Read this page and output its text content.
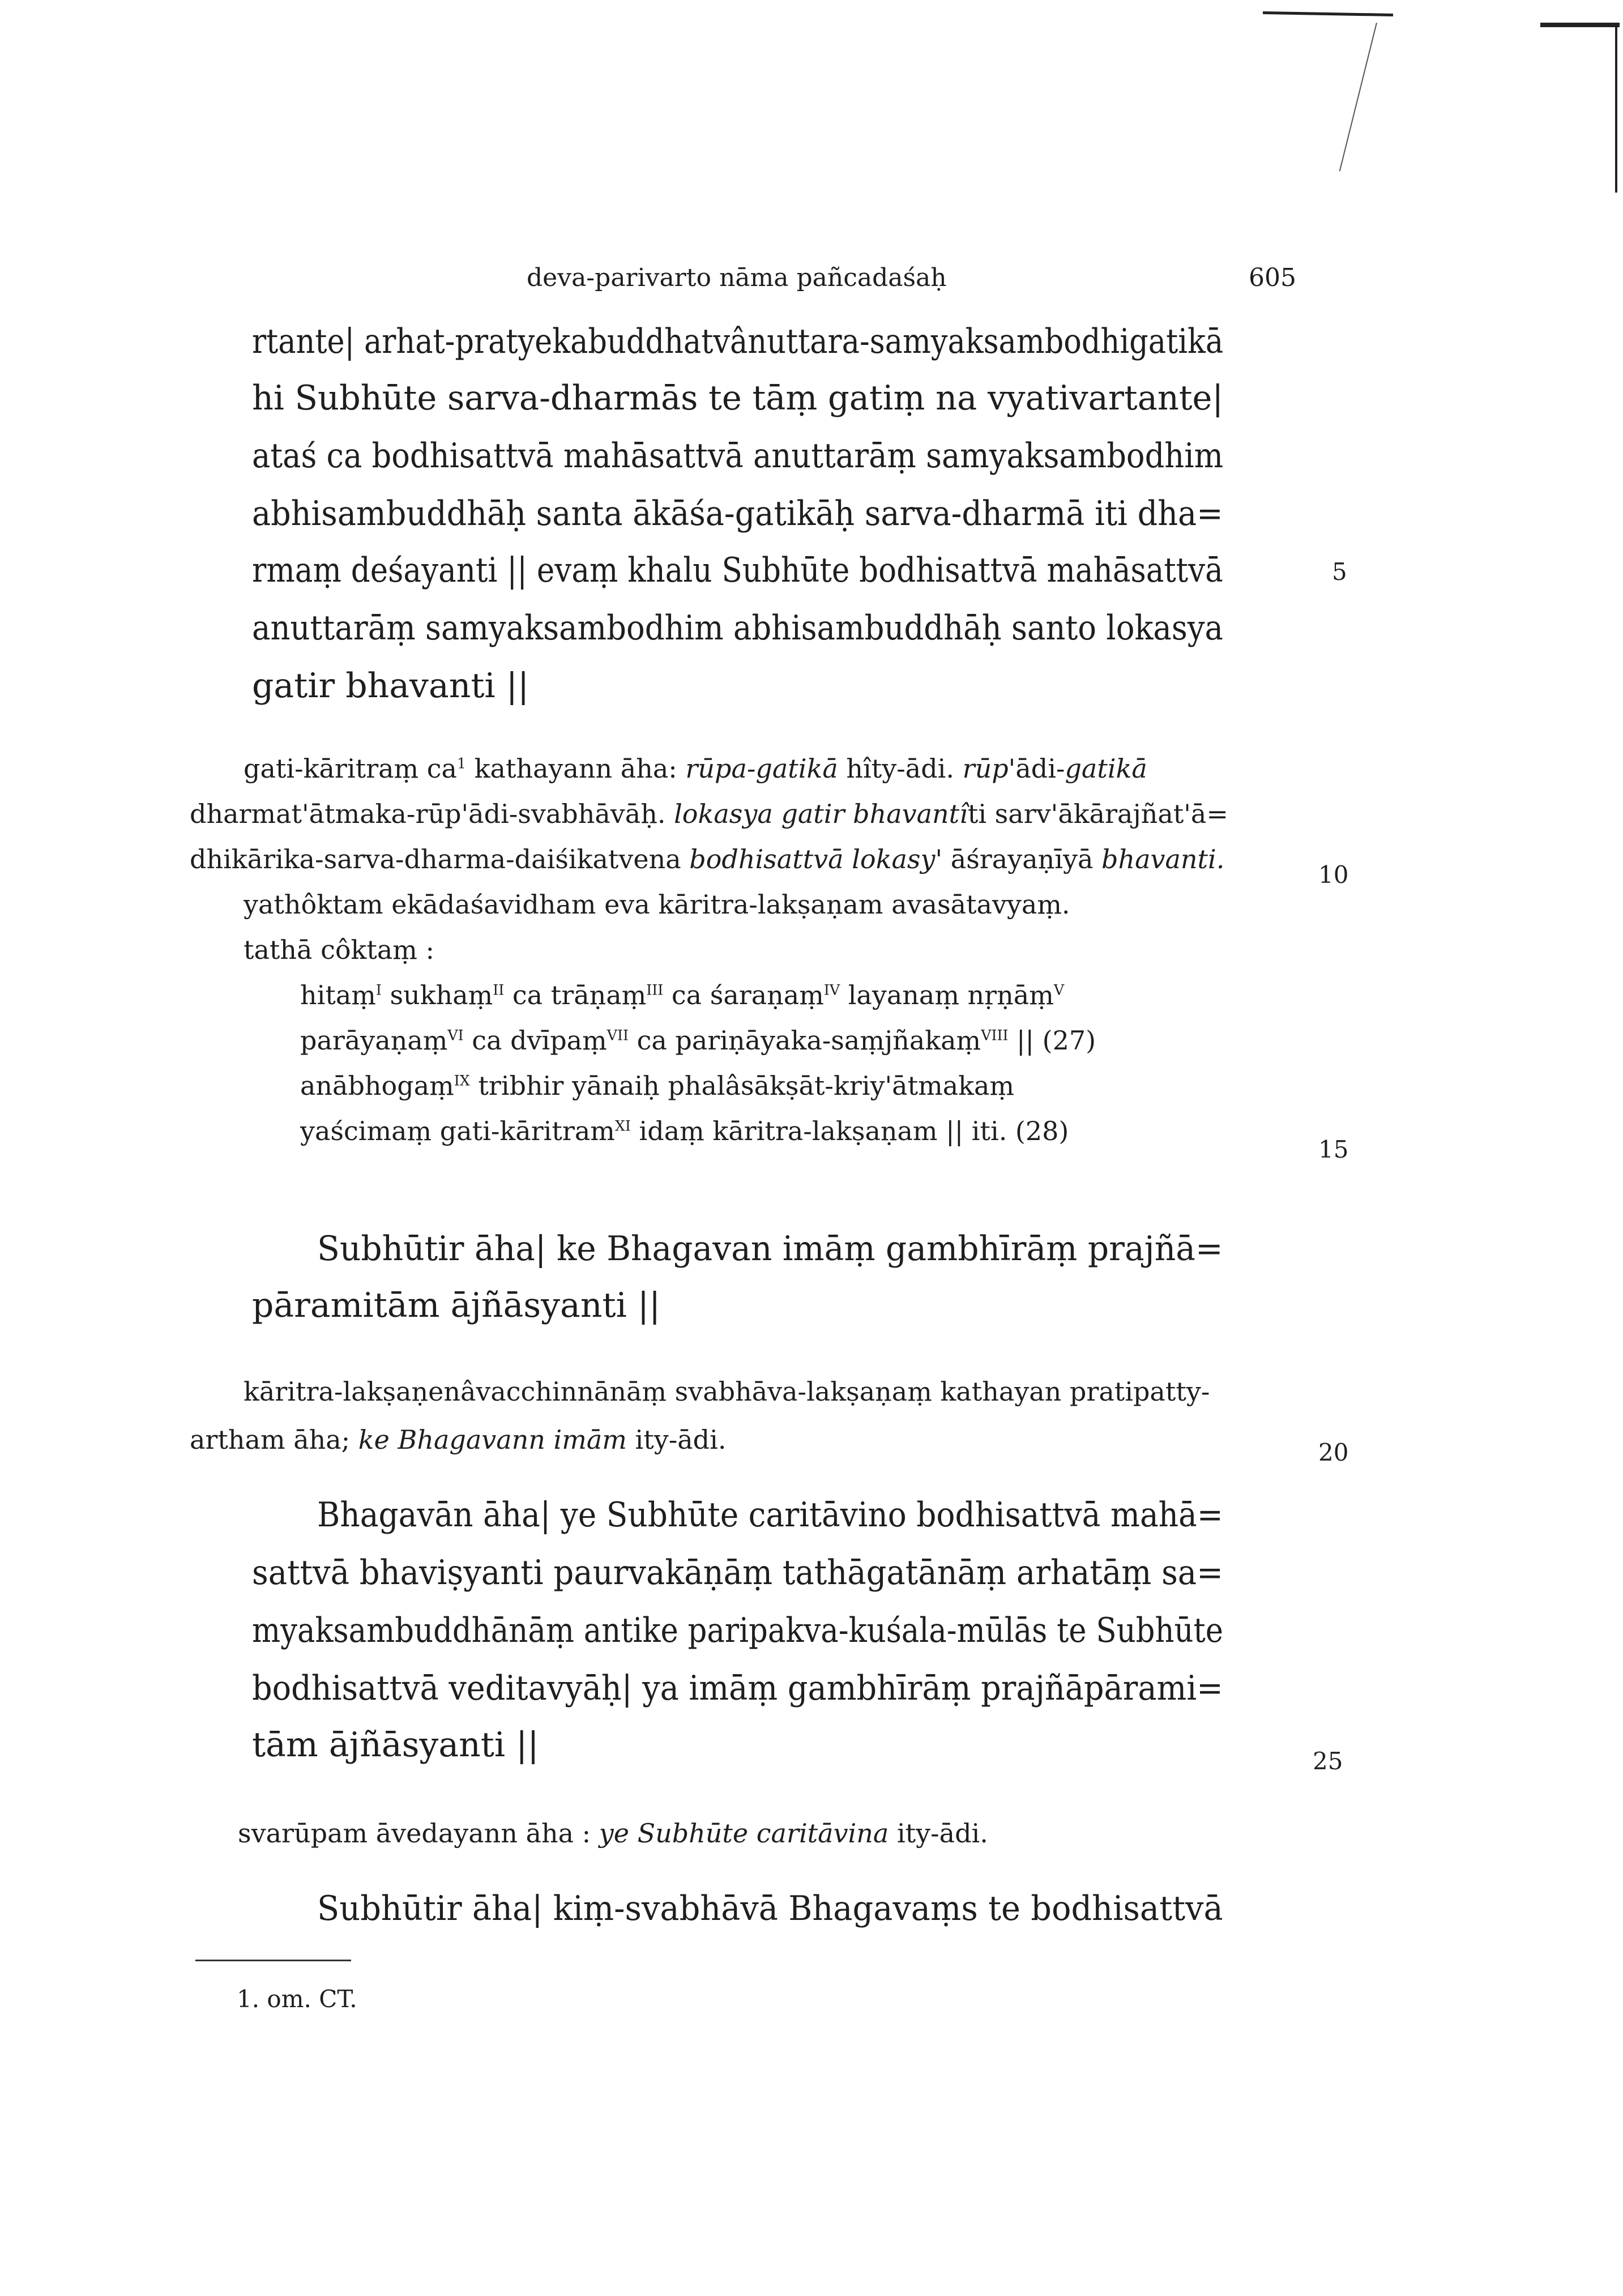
deva-parivarto nāma pañcadaśaḥ	605
rtante| arhat-pratyekabuddhatvânuttara-samyaksambodhigatikā
hi Subhūte sarva-dharmās te tāṃ gatiṃ na vyativartante|
ataś ca bodhisattvā mahāsattvā anuttarāṃ samyaksambodhim
abhisambuddhāḥ santa ākāśa-gatikāḥ sarva-dharmā iti dha=
rmaṃ deśayanti || evaṃ khalu Subhūte bodhisattvā mahāsattvā
anuttarāṃ samyaksambodhim abhisambuddhāḥ santo lokasya
gatir bhavanti ||
gati-kāritraṃ $ca^1$ kathayann āha: rūpa-gatikā hîty-ādi. rūp'ādi-gatikā
dharmat'ātmaka-rūp'ādi-svabhāvāḥ. lokasya gatir bhavantîti sarv'ākārajñat'ā=
dhikārika-sarva-dharma-daiśikatvena bodhisattvā lokasy' āśrayaṇīyā bhavanti.
yathôktam ekādaśavidham eva kāritra-lakṣaṇam avasātavyaṃ.
tathā côktaṃ :
hitaṃ$^I$ sukhaṃ$^{II}$ ca trāṇaṃ$^{III}$ ca śaraṇaṃ$^{IV}$ layanaṃ nṛṇāṃ$^V$
parāyaṇaṃ$^{VI}$ ca dvīpaṃ$^{VII}$ ca pariṇāyaka-saṃjñakaṃ$^{VIII}$ || (27)
anābhogaṃ$^{IX}$ tribhir yānaiḥ phalâsākṣāt-kriy'ātmakaṃ
yaścimaṃ gati-kāritram$^{XI}$ idaṃ kāritra-lakṣaṇam || iti. (28)
Subhūtir āha| ke Bhagavan imāṃ gambhīrāṃ prajñā=
pāramitām ājñāsyanti ||
kāritra-lakṣaṇenâvacchinnānāṃ svabhāva-lakṣaṇaṃ kathayan pratipatty-
artham āha; ke Bhagavann imām ity-ādi.
Bhagavān āha| ye Subhūte caritāvino bodhisattvā mahā=
sattvā bhaviṣyanti paurvakāṇāṃ tathāgatānāṃ arhatāṃ sa=
myaksambuddhānāṃ antike paripakva-kuśala-mūlās te Subhūte
bodhisattvā veditavyāḥ| ya imāṃ gambhīrāṃ prajñāpārami=
tām ājñāsyanti ||
svarūpam āvedayann āha : ye Subhūte caritāvina ity-ādi.
Subhūtir āha| kiṃ-svabhāvā Bhagavaṃs te bodhisattvā
5
10
15
20
25
1. om. CT.
